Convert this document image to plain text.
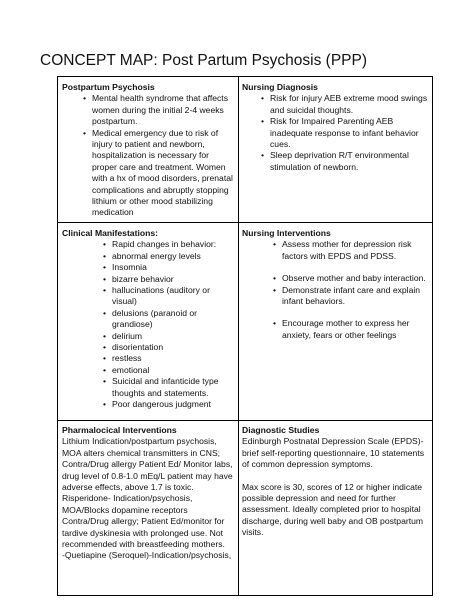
CONCEPT MAP: Post Partum Psychosis (PPP)
Postpartum Psychosis
• Mental health syndrome that affects women during the initial 2-4 weeks postpartum.
• Medical emergency due to risk of injury to patient and newborn, hospitalization is necessary for proper care and treatment. Women with a hx of mood disorders, prenatal complications and abruptly stopping lithium or other mood stabilizing medication
Nursing Diagnosis
• Risk for injury AEB extreme mood swings and suicidal thoughts.
• Risk for Impaired Parenting AEB inadequate response to infant behavior cues.
• Sleep deprivation R/T environmental stimulation of newborn.
Clinical Manifestations:
• Rapid changes in behavior:
• abnormal energy levels
• Insomnia
• bizarre behavior
• hallucinations (auditory or visual)
• delusions (paranoid or grandiose)
• delirium
• disorientation
• restless
• emotional
• Suicidal and infanticide type thoughts and statements.
• Poor dangerous judgment
Nursing Interventions
• Assess mother for depression risk factors with EPDS and PDSS.
• Observe mother and baby interaction.
• Demonstrate infant care and explain infant behaviors.
• Encourage mother to express her anxiety, fears or other feelings
Pharmalocical Interventions
Lithium Indication/postpartum psychosis, MOA alters chemical transmitters in CNS; Contra/Drug allergy Patient Ed/ Monitor labs, drug level of 0.8-1.0 mEq/L patient may have adverse effects, above 1.7 is toxic.
Risperidone- Indication/psychosis, MOA/Blocks dopamine receptors Contra/Drug allergy; Patient Ed/monitor for tardive dyskinesia with prolonged use. Not recommended with breastfeeding mothers.
-Quetiapine (Seroquel)-Indication/psychosis,
Diagnostic Studies
Edinburgh Postnatal Depression Scale (EPDS)-brief self-reporting questionnaire, 10 statements of common depression symptoms.
Max score is 30, scores of 12 or higher indicate possible depression and need for further assessment. Ideally completed prior to hospital discharge, during well baby and OB postpartum visits.
